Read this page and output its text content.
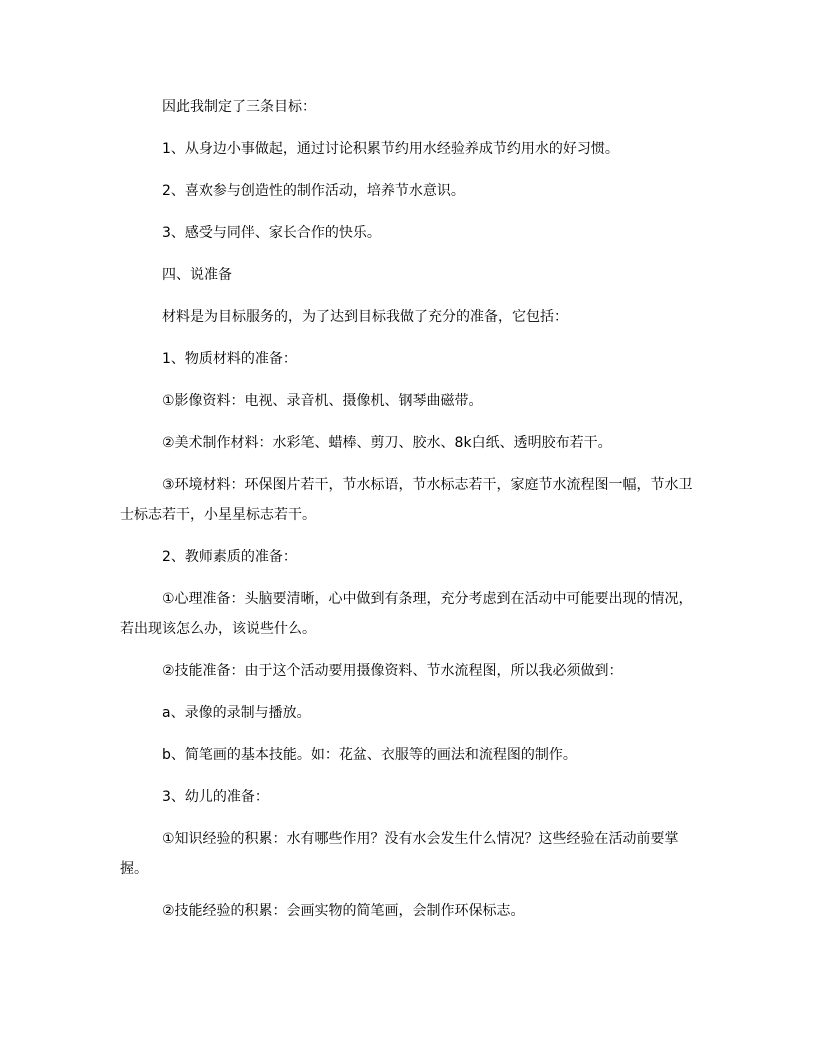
因此我制定了三条目标：

1、从身边小事做起，通过讨论积累节约用水经验养成节约用水的好习惯。

2、喜欢参与创造性的制作活动，培养节水意识。

3、感受与同伴、家长合作的快乐。

四、说准备

材料是为目标服务的，为了达到目标我做了充分的准备，它包括：

1、物质材料的准备：

①影像资料：电视、录音机、摄像机、钢琴曲磁带。

②美术制作材料：水彩笔、蜡棒、剪刀、胶水、8k白纸、透明胶布若干。

③环境材料：环保图片若干，节水标语，节水标志若干，家庭节水流程图一幅，节水卫士标志若干，小星星标志若干。

2、教师素质的准备：

①心理准备：头脑要清晰，心中做到有条理，充分考虑到在活动中可能要出现的情况，若出现该怎么办，该说些什么。

②技能准备：由于这个活动要用摄像资料、节水流程图，所以我必须做到：

a、录像的录制与播放。

b、简笔画的基本技能。如：花盆、衣服等的画法和流程图的制作。

3、幼儿的准备：

①知识经验的积累：水有哪些作用？没有水会发生什么情况？这些经验在活动前要掌握。

②技能经验的积累：会画实物的简笔画，会制作环保标志。
